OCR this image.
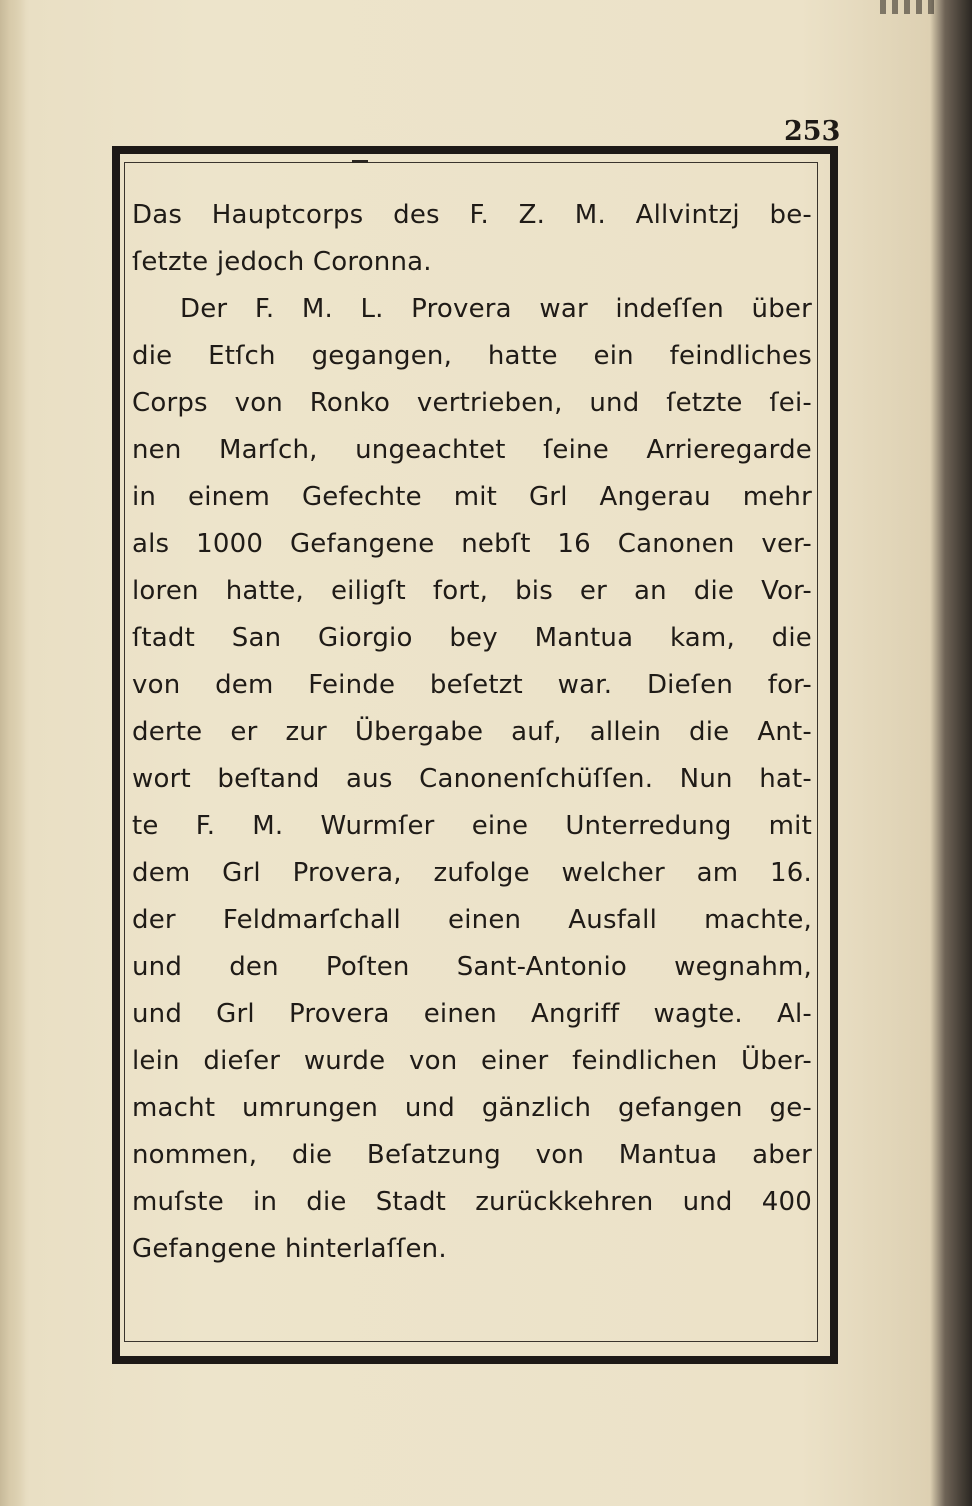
253
Das Hauptcorps des F. Z. M. Allvintzj be-
ſetzte jedoch Coronna.
Der F. M. L. Provera war indeſſen über
die Etſch gegangen, hatte ein feindliches
Corps von Ronko vertrieben, und ſetzte ſei-
nen Marſch, ungeachtet ſeine Arrieregarde
in einem Gefechte mit Grl Angerau mehr
als 1000 Gefangene nebſt 16 Canonen ver-
loren hatte, eiligſt fort, bis er an die Vor-
ſtadt San Giorgio bey Mantua kam, die
von dem Feinde beſetzt war. Dieſen for-
derte er zur Übergabe auf, allein die Ant-
wort beſtand aus Canonenſchüſſen. Nun hat-
te F. M. Wurmſer eine Unterredung mit
dem Grl Provera, zufolge welcher am 16.
der Feldmarſchall einen Ausfall machte,
und den Poſten Sant-Antonio wegnahm,
und Grl Provera einen Angriff wagte. Al-
lein dieſer wurde von einer feindlichen Über-
macht umrungen und gänzlich gefangen ge-
nommen, die Beſatzung von Mantua aber
muſste in die Stadt zurückkehren und 400
Gefangene hinterlaſſen.
